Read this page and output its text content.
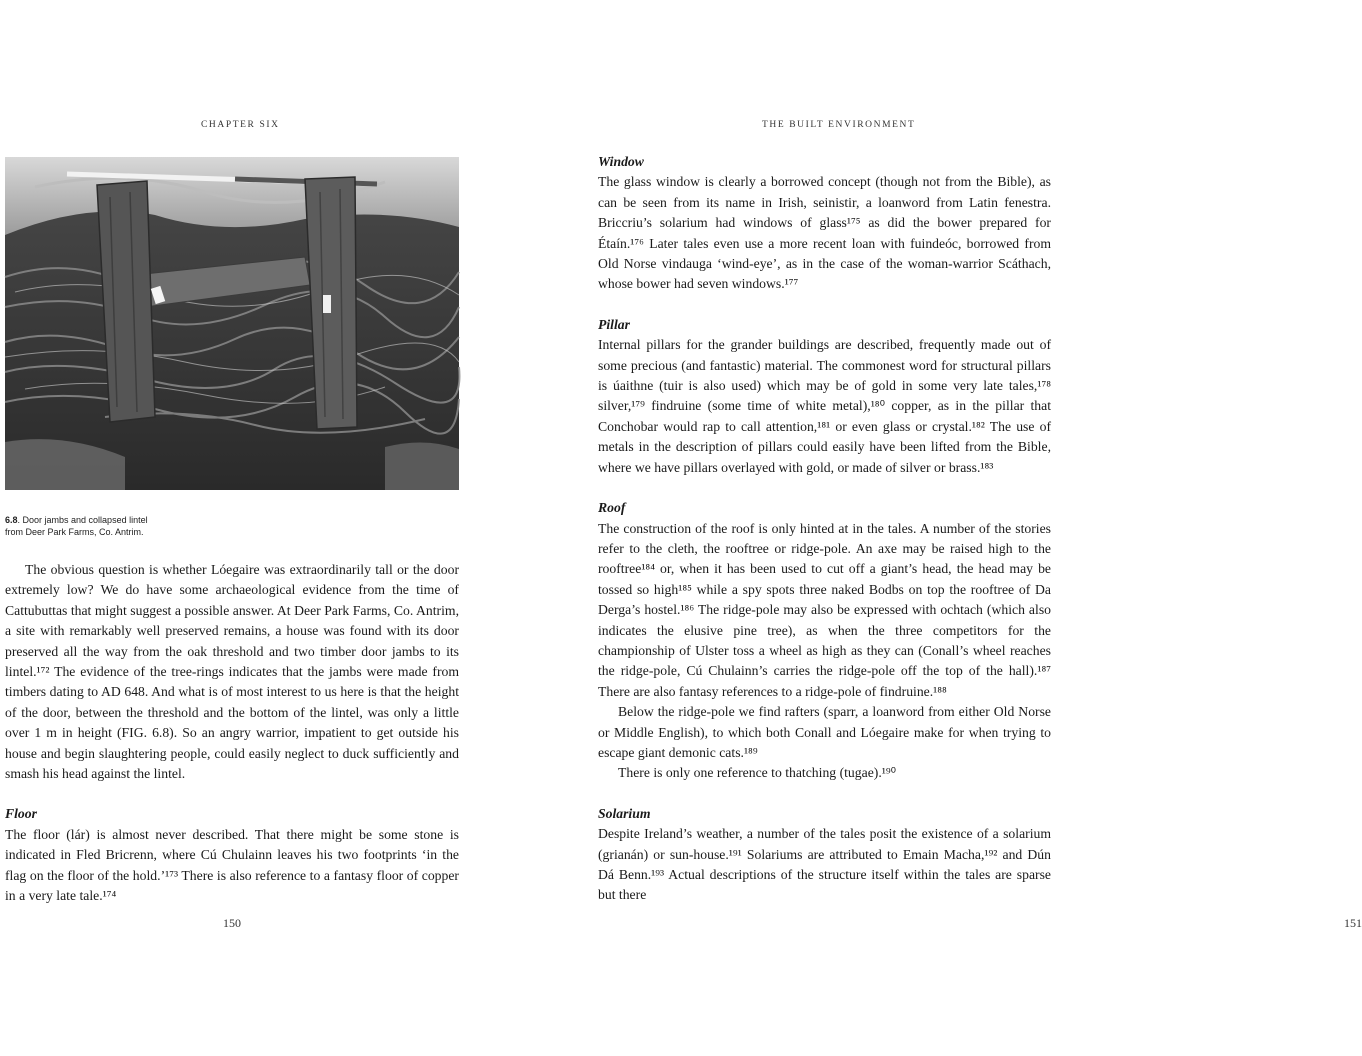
CHAPTER SIX
6.8. Door jambs and collapsed lintel
from Deer Park Farms, Co. Antrim.

The obvious question is whether Lóegaire was extraordinarily tall or the door extremely low? We do have some archaeological evidence from the time of Cattubuttas that might suggest a possible answer. At Deer Park Farms, Co. Antrim, a site with remarkably well preserved remains, a house was found with its door preserved all the way from the oak threshold and two timber door jambs to its lintel.¹⁷² The evidence of the tree-rings indicates that the jambs were made from timbers dating to AD 648. And what is of most interest to us here is that the height of the door, between the threshold and the bottom of the lintel, was only a little over 1 m in height (FIG. 6.8). So an angry warrior, impatient to get outside his house and begin slaughtering people, could easily neglect to duck sufficiently and smash his head against the lintel.

Floor

The floor (lár) is almost never described. That there might be some stone is indicated in Fled Bricrenn, where Cú Chulainn leaves his two footprints ‘in the flag on the floor of the hold.’¹⁷³ There is also reference to a fantasy floor of copper in a very late tale.¹⁷⁴

150
THE BUILT ENVIRONMENT
151
Window

The glass window is clearly a borrowed concept (though not from the Bible), as can be seen from its name in Irish, seinistir, a loanword from Latin fenestra. Briccriu’s solarium had windows of glass¹⁷⁵ as did the bower prepared for Étaín.¹⁷⁶ Later tales even use a more recent loan with fuindeóc, borrowed from Old Norse vindauga ‘wind-eye’, as in the case of the woman-warrior Scáthach, whose bower had seven windows.¹⁷⁷

Pillar

Internal pillars for the grander buildings are described, frequently made out of some precious (and fantastic) material. The commonest word for structural pillars is úaithne (tuir is also used) which may be of gold in some very late tales,¹⁷⁸ silver,¹⁷⁹ findruine (some time of white metal),¹⁸⁰ copper, as in the pillar that Conchobar would rap to call attention,¹⁸¹ or even glass or crystal.¹⁸² The use of metals in the description of pillars could easily have been lifted from the Bible, where we have pillars overlayed with gold, or made of silver or brass.¹⁸³

Roof

The construction of the roof is only hinted at in the tales. A number of the stories refer to the cleth, the rooftree or ridge-pole. An axe may be raised high to the rooftree¹⁸⁴ or, when it has been used to cut off a giant’s head, the head may be tossed so high¹⁸⁵ while a spy spots three naked Bodbs on top the rooftree of Da Derga’s hostel.¹⁸⁶ The ridge-pole may also be expressed with ochtach (which also indicates the elusive pine tree), as when the three competitors for the championship of Ulster toss a wheel as high as they can (Conall’s wheel reaches the ridge-pole, Cú Chulainn’s carries the ridge-pole off the top of the hall).¹⁸⁷ There are also fantasy references to a ridge-pole of findruine.¹⁸⁸

Below the ridge-pole we find rafters (sparr, a loanword from either Old Norse or Middle English), to which both Conall and Lóegaire make for when trying to escape giant demonic cats.¹⁸⁹

There is only one reference to thatching (tugae).¹⁹⁰

Solarium

Despite Ireland’s weather, a number of the tales posit the existence of a solarium (grianán) or sun-house.¹⁹¹ Solariums are attributed to Emain Macha,¹⁹² and Dún Dá Benn.¹⁹³ Actual descriptions of the structure itself within the tales are sparse but there
